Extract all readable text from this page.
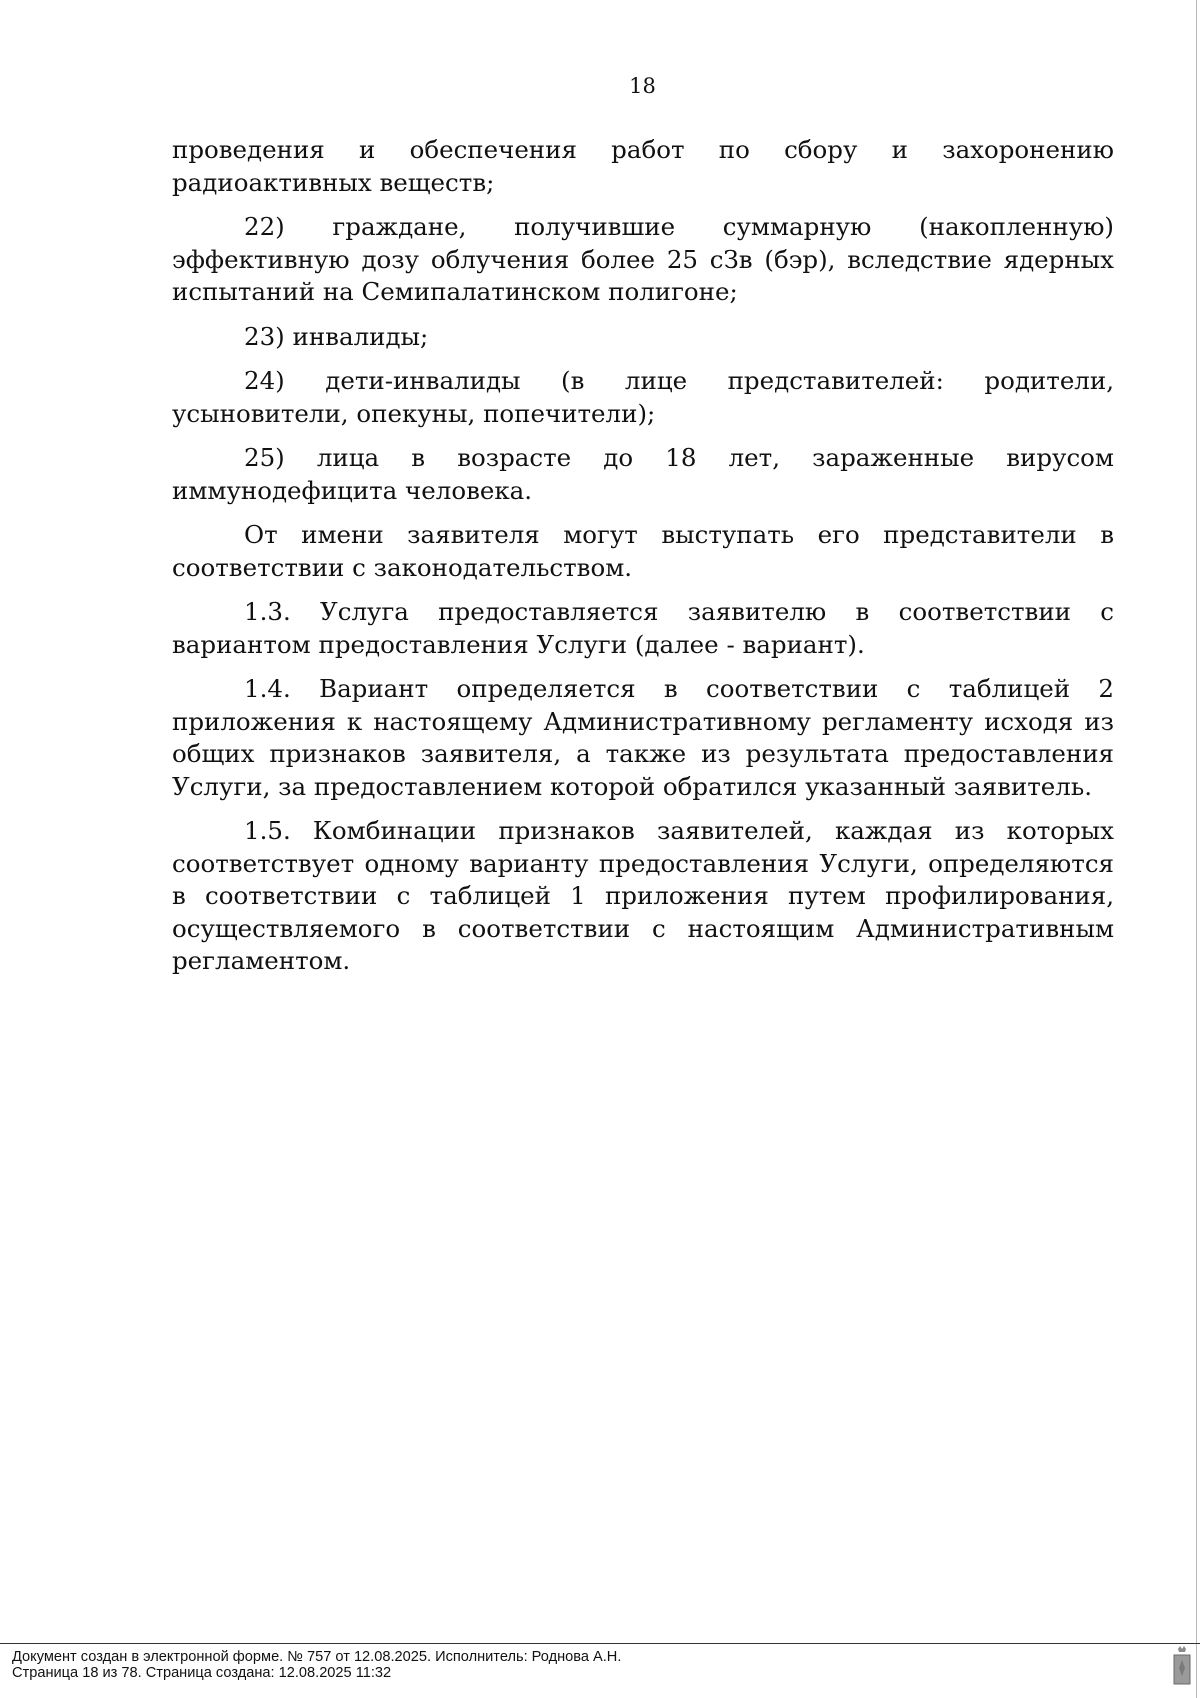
18

проведения и обеспечения работ по сбору и захоронению радиоактивных веществ;

22) граждане, получившие суммарную (накопленную) эффективную дозу облучения более 25 сЗв (бэр), вследствие ядерных испытаний на Семипалатинском полигоне;

23) инвалиды;

24) дети-инвалиды (в лице представителей: родители, усыновители, опекуны, попечители);

25) лица в возрасте до 18 лет, зараженные вирусом иммунодефицита человека.

От имени заявителя могут выступать его представители в соответствии с законодательством.

1.3. Услуга предоставляется заявителю в соответствии с вариантом предоставления Услуги (далее - вариант).

1.4. Вариант определяется в соответствии с таблицей 2 приложения к настоящему Административному регламенту исходя из общих признаков заявителя, а также из результата предоставления Услуги, за предоставлением которой обратился указанный заявитель.

1.5. Комбинации признаков заявителей, каждая из которых соответствует одному варианту предоставления Услуги, определяются в соответствии с таблицей 1 приложения путем профилирования, осуществляемого в соответствии с настоящим Административным регламентом.

Документ создан в электронной форме. № 757 от 12.08.2025. Исполнитель: Роднова А.Н.
Страница 18 из 78. Страница создана: 12.08.2025 11:32
